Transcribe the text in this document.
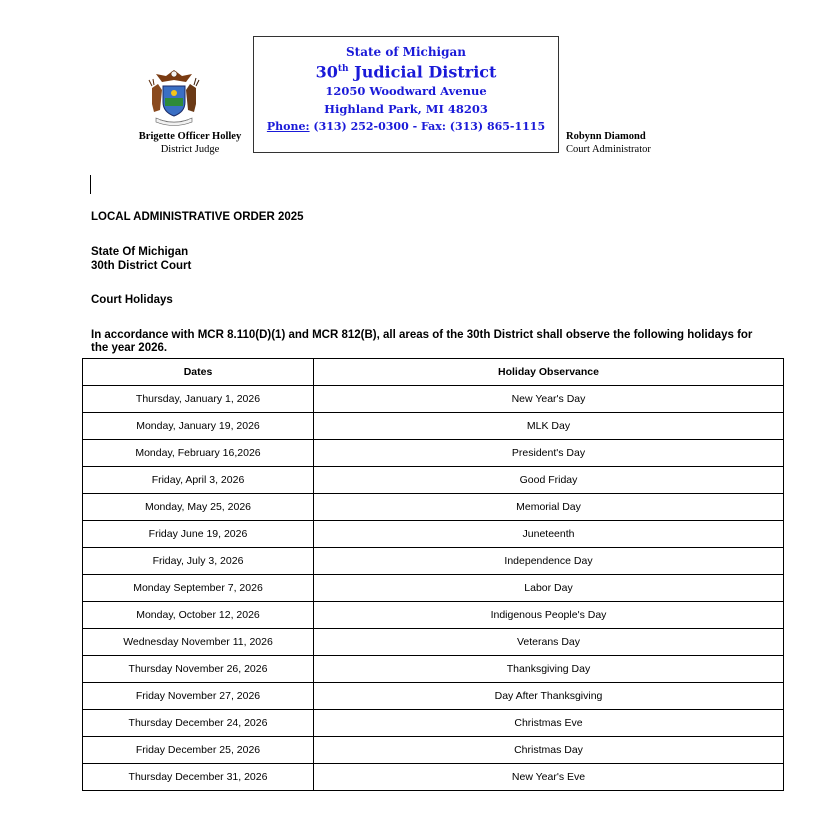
Brigette Officer Holley
District Judge
State of Michigan
30th Judicial District
12050 Woodward Avenue
Highland Park, MI 48203
Phone: (313) 252-0300 - Fax: (313) 865-1115
Robynn Diamond
Court Administrator
LOCAL ADMINISTRATIVE ORDER 2025
State Of Michigan
30th District Court
Court Holidays
In accordance with MCR 8.110(D)(1) and MCR 812(B), all areas of the 30th District shall observe the following holidays for the year 2026.
Dates	Holiday Observance
Thursday, January 1, 2026	New Year's Day
Monday, January 19, 2026	MLK Day
Monday, February 16,2026	President's Day
Friday, April 3, 2026	Good Friday
Monday, May 25, 2026	Memorial Day
Friday June 19, 2026	Juneteenth
Friday, July 3, 2026	Independence Day
Monday September 7, 2026	Labor Day
Monday, October 12, 2026	Indigenous People's Day
Wednesday November 11, 2026	Veterans Day
Thursday November 26, 2026	Thanksgiving Day
Friday November 27, 2026	Day After Thanksgiving
Thursday December 24, 2026	Christmas Eve
Friday December 25, 2026	Christmas Day
Thursday December 31, 2026	New Year's Eve
